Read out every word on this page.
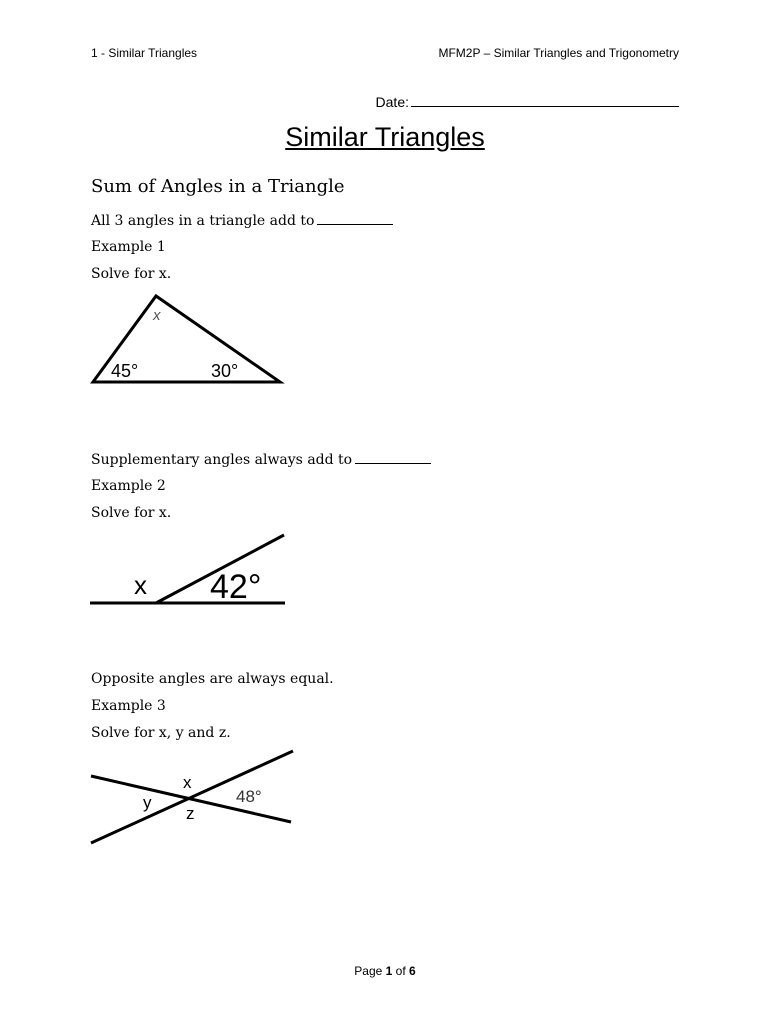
1 - Similar Triangles	MFM2P – Similar Triangles and Trigonometry
Date:
Similar Triangles
Sum of Angles in a Triangle
All 3 angles in a triangle add to
Example 1
Solve for x.
x
45°	30°
Supplementary angles always add to
Example 2
Solve for x.
x 42°
Opposite angles are always equal.
Example 3
Solve for x, y and z.
x
y
z
48°
Page 1 of 6
